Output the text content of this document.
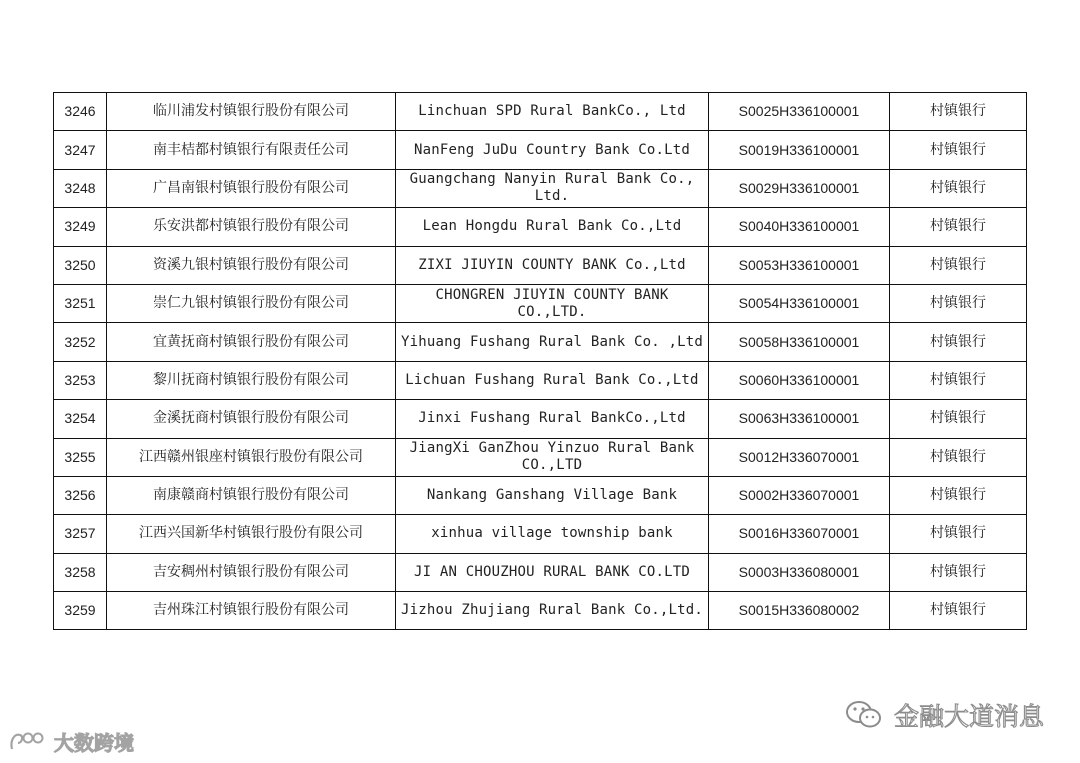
3246	临川浦发村镇银行股份有限公司	Linchuan SPD Rural BankCo., Ltd	S0025H336100001	村镇银行
3247	南丰桔都村镇银行有限责任公司	NanFeng JuDu Country Bank Co.Ltd	S0019H336100001	村镇银行
3248	广昌南银村镇银行股份有限公司	Guangchang Nanyin Rural Bank Co., Ltd.	S0029H336100001	村镇银行
3249	乐安洪都村镇银行股份有限公司	Lean Hongdu Rural Bank Co.,Ltd	S0040H336100001	村镇银行
3250	资溪九银村镇银行股份有限公司	ZIXI JIUYIN COUNTY BANK Co.,Ltd	S0053H336100001	村镇银行
3251	崇仁九银村镇银行股份有限公司	CHONGREN JIUYIN COUNTY BANK CO.,LTD.	S0054H336100001	村镇银行
3252	宜黄抚商村镇银行股份有限公司	Yihuang Fushang Rural Bank Co. ,Ltd	S0058H336100001	村镇银行
3253	黎川抚商村镇银行股份有限公司	Lichuan Fushang Rural Bank Co.,Ltd	S0060H336100001	村镇银行
3254	金溪抚商村镇银行股份有限公司	Jinxi Fushang Rural BankCo.,Ltd	S0063H336100001	村镇银行
3255	江西赣州银座村镇银行股份有限公司	JiangXi GanZhou Yinzuo Rural Bank CO.,LTD	S0012H336070001	村镇银行
3256	南康赣商村镇银行股份有限公司	Nankang Ganshang Village Bank	S0002H336070001	村镇银行
3257	江西兴国新华村镇银行股份有限公司	xinhua village township bank	S0016H336070001	村镇银行
3258	吉安稠州村镇银行股份有限公司	JI AN CHOUZHOU RURAL BANK CO.LTD	S0003H336080001	村镇银行
3259	吉州珠江村镇银行股份有限公司	Jizhou Zhujiang Rural Bank Co.,Ltd.	S0015H336080002	村镇银行
大数跨境
金融大道消息
